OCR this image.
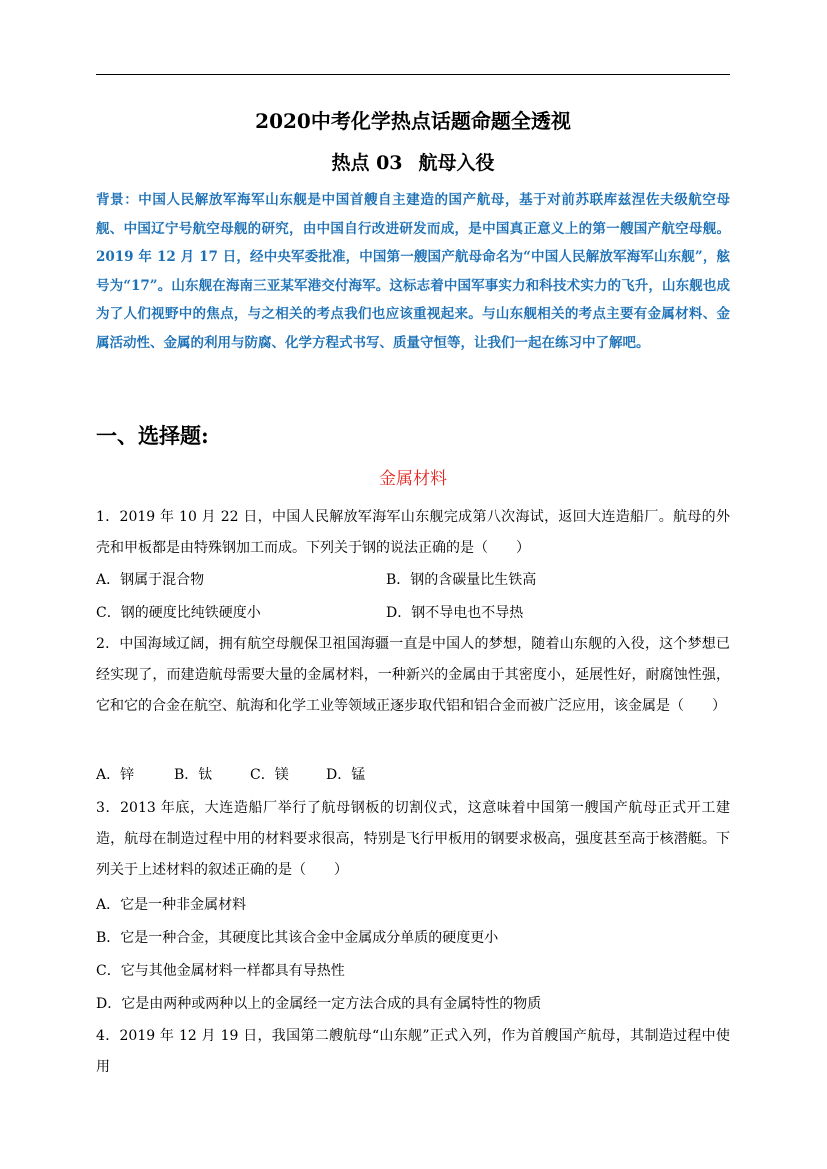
2020中考化学热点话题命题全透视
热点 03 航母入役
背景：中国人民解放军海军山东舰是中国首艘自主建造的国产航母，基于对前苏联库兹涅佐夫级航空母舰、中国辽宁号航空母舰的研究，由中国自行改进研发而成，是中国真正意义上的第一艘国产航空母舰。2019 年 12 月 17 日，经中央军委批准，中国第一艘国产航母命名为“中国人民解放军海军山东舰”，舷号为“17”。山东舰在海南三亚某军港交付海军。这标志着中国军事实力和科技术实力的飞升，山东舰也成为了人们视野中的焦点，与之相关的考点我们也应该重视起来。与山东舰相关的考点主要有金属材料、金属活动性、金属的利用与防腐、化学方程式书写、质量守恒等，让我们一起在练习中了解吧。
一、选择题:
金属材料
1．2019 年 10 月 22 日，中国人民解放军海军山东舰完成第八次海试，返回大连造船厂。航母的外壳和甲板都是由特殊钢加工而成。下列关于钢的说法正确的是（　　）
A．钢属于混合物	B．钢的含碳量比生铁高
C．钢的硬度比纯铁硬度小	D．钢不导电也不导热
2．中国海域辽阔，拥有航空母舰保卫祖国海疆一直是中国人的梦想，随着山东舰的入役，这个梦想已经实现了，而建造航母需要大量的金属材料，一种新兴的金属由于其密度小，延展性好，耐腐蚀性强，它和它的合金在航空、航海和化学工业等领域正逐步取代铝和铝合金而被广泛应用，该金属是（　　）
A．锌	B．钛	C．镁	D．锰
3．2013 年底，大连造船厂举行了航母钢板的切割仪式，这意味着中国第一艘国产航母正式开工建造，航母在制造过程中用的材料要求很高，特别是飞行甲板用的钢要求极高，强度甚至高于核潜艇。下列关于上述材料的叙述正确的是（　　）
A．它是一种非金属材料
B．它是一种合金，其硬度比其该合金中金属成分单质的硬度更小
C．它与其他金属材料一样都具有导热性
D．它是由两种或两种以上的金属经一定方法合成的具有金属特性的物质
4．2019 年 12 月 19 日，我国第二艘航母“山东舰”正式入列，作为首艘国产航母，其制造过程中使用
